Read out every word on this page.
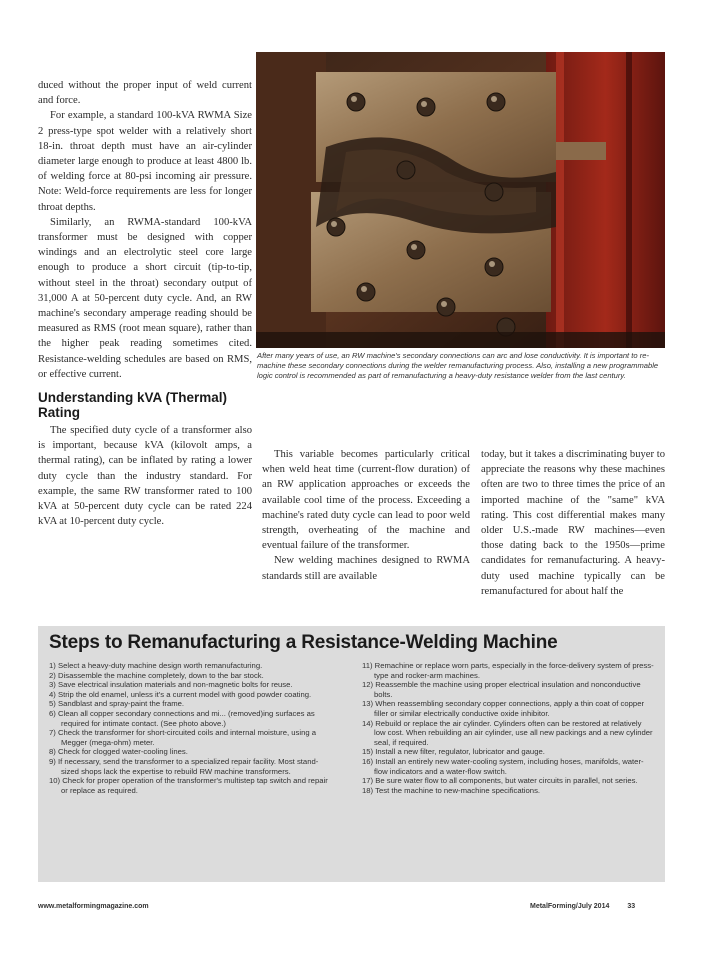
duced without the proper input of weld current and force.

For example, a standard 100-kVA RWMA Size 2 press-type spot welder with a relatively short 18-in. throat depth must have an air-cylinder diameter large enough to produce at least 4800 lb. of welding force at 80-psi incoming air pressure. Note: Weld-force requirements are less for longer throat depths.

Similarly, an RWMA-standard 100-kVA transformer must be designed with copper windings and an electrolytic steel core large enough to produce a short circuit (tip-to-tip, without steel in the throat) secondary output of 31,000 A at 50-percent duty cycle. And, an RW machine's secondary amperage reading should be measured as RMS (root mean square), rather than the higher peak reading sometimes cited. Resistance-welding schedules are based on RMS, or effective current.

Understanding kVA (Thermal) Rating

The specified duty cycle of a transformer also is important, because kVA (kilovolt amps, a thermal rating), can be inflated by rating a lower duty cycle than the industry standard. For example, the same RW transformer rated to 100 kVA at 50-percent duty cycle can be rated 224 kVA at 10-percent duty cycle.

After many years of use, an RW machine's secondary connections can arc and lose conductivity. It is important to re-machine these secondary connections during the welder remanufacturing process. Also, installing a new programmable logic control is recommended as part of remanufacturing a heavy-duty resistance welder from the last century.

This variable becomes particularly critical when weld heat time (current-flow duration) of an RW application approaches or exceeds the available cool time of the process. Exceeding a machine's rated duty cycle can lead to poor weld strength, overheating of the machine and eventual failure of the transformer.

New welding machines designed to RWMA standards still are available

today, but it takes a discriminating buyer to appreciate the reasons why these machines often are two to three times the price of an imported machine of the "same" kVA rating. This cost differential makes many older U.S.-made RW machines—even those dating back to the 1950s—prime candidates for remanufacturing. A heavy-duty used machine typically can be remanufactured for about half the

Steps to Remanufacturing a Resistance-Welding Machine
1) Select a heavy-duty machine design worth remanufacturing.
2) Disassemble the machine completely, down to the bar stock.
3) Save electrical insulation materials and non-magnetic bolts for reuse.
4) Strip the old enamel, unless it's a current model with good powder coating.
5) Sandblast and spray-paint the frame.
6) Clean all copper secondary connections and mi... (removed)ing surfaces as required for intimate contact. (See photo above.)
7) Check the transformer for short-circuited coils and internal moisture, using a Megger (mega-ohm) meter.
8) Check for clogged water-cooling lines.
9) If necessary, send the transformer to a specialized repair facility. Most stand-sized shops lack the expertise to rebuild RW machine transformers.
10) Check for proper operation of the transformer's multistep tap switch and repair or replace as required.
11) Remachine or replace worn parts, especially in the force-delivery system of press-type and rocker-arm machines.
12) Reassemble the machine using proper electrical insulation and nonconductive bolts.
13) When reassembling secondary copper connections, apply a thin coat of copper filler or similar electrically conductive oxide inhibitor.
14) Rebuild or replace the air cylinder. Cylinders often can be restored at relatively low cost. When rebuilding an air cylinder, use all new packings and a new cylinder seal, if required.
15) Install a new filter, regulator, lubricator and gauge.
16) Install an entirely new water-cooling system, including hoses, manifolds, water-flow indicators and a water-flow switch.
17) Be sure water flow to all components, but water circuits in parallel, not series.
18) Test the machine to new-machine specifications.
www.metalformingmagazine.com	MetalForming/July 2014	33
